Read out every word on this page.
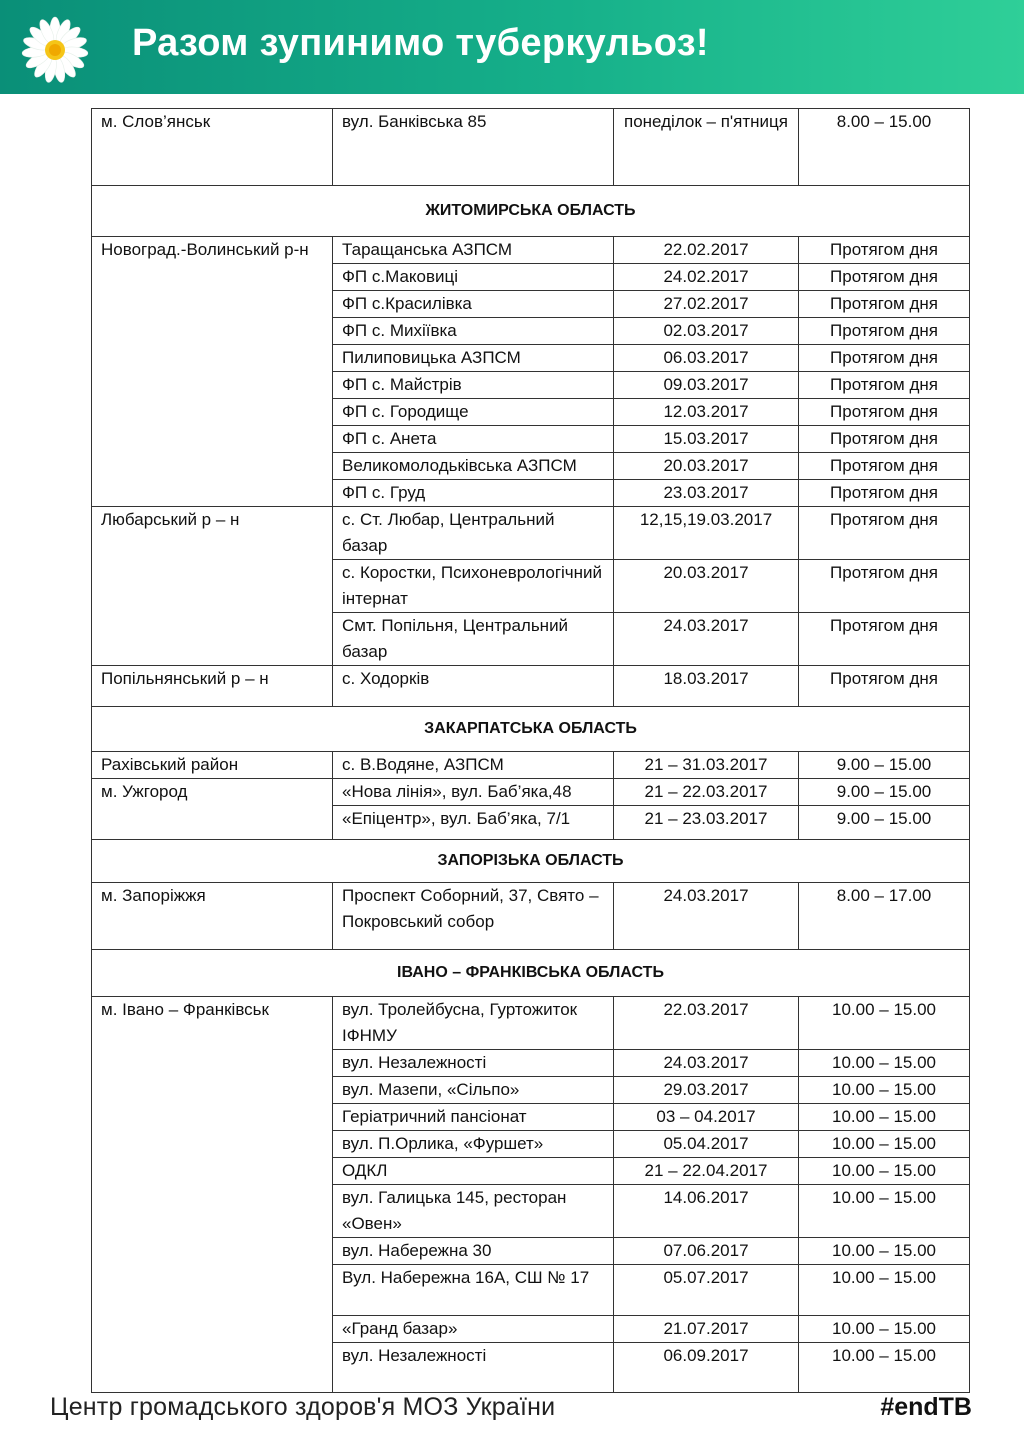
Разом зупинимо туберкульоз!
м. Слов’янськ	вул. Банківська 85	понеділок – п'ятниця	8.00 – 15.00
ЖИТОМИРСЬКА ОБЛАСТЬ			
Новоград.-Волинський р-н	Таращанська АЗПСМ	22.02.2017	Протягом дня
	ФП с.Маковиці	24.02.2017	Протягом дня
	ФП с.Красилівка	27.02.2017	Протягом дня
	ФП с. Михіївка	02.03.2017	Протягом дня
	Пилиповицька АЗПСМ	06.03.2017	Протягом дня
	ФП с. Майстрів	09.03.2017	Протягом дня
	ФП с. Городище	12.03.2017	Протягом дня
	ФП с. Анета	15.03.2017	Протягом дня
	Великомолодьківська АЗПСМ	20.03.2017	Протягом дня
	ФП с. Груд	23.03.2017	Протягом дня
Любарський р – н	с. Ст. Любар, Центральний базар	12,15,19.03.2017	Протягом дня
	с. Коростки, Психоневрологічний інтернат	20.03.2017	Протягом дня
	Смт. Попільня, Центральний базар	24.03.2017	Протягом дня
Попільнянський р – н	с. Ходорків	18.03.2017	Протягом дня
ЗАКАРПАТСЬКА ОБЛАСТЬ			
Рахівський район	с. В.Водяне, АЗПСМ	21 – 31.03.2017	9.00 – 15.00
м. Ужгород	«Нова лінія», вул. Баб’яка,48	21 – 22.03.2017	9.00 – 15.00
	«Епіцентр», вул. Баб’яка, 7/1	21 – 23.03.2017	9.00 – 15.00
ЗАПОРІЗЬКА ОБЛАСТЬ			
м. Запоріжжя	Проспект Соборний, 37, Свято – Покровський собор	24.03.2017	8.00 – 17.00
ІВАНО – ФРАНКІВСЬКА ОБЛАСТЬ			
м. Івано – Франківськ	вул. Тролейбусна, Гуртожиток ІФНМУ	22.03.2017	10.00 – 15.00
	вул. Незалежності	24.03.2017	10.00 – 15.00
	вул. Мазепи, «Сільпо»	29.03.2017	10.00 – 15.00
	Геріатричний пансіонат	03 – 04.2017	10.00 – 15.00
	вул. П.Орлика, «Фуршет»	05.04.2017	10.00 – 15.00
	ОДКЛ	21 – 22.04.2017	10.00 – 15.00
	вул. Галицька 145, ресторан «Овен»	14.06.2017	10.00 – 15.00
	вул. Набережна 30	07.06.2017	10.00 – 15.00
	Вул. Набережна 16А, СШ № 17	05.07.2017	10.00 – 15.00
	«Гранд базар»	21.07.2017	10.00 – 15.00
	вул. Незалежності	06.09.2017	10.00 – 15.00
Центр громадського здоров'я МОЗ України	#endTB
